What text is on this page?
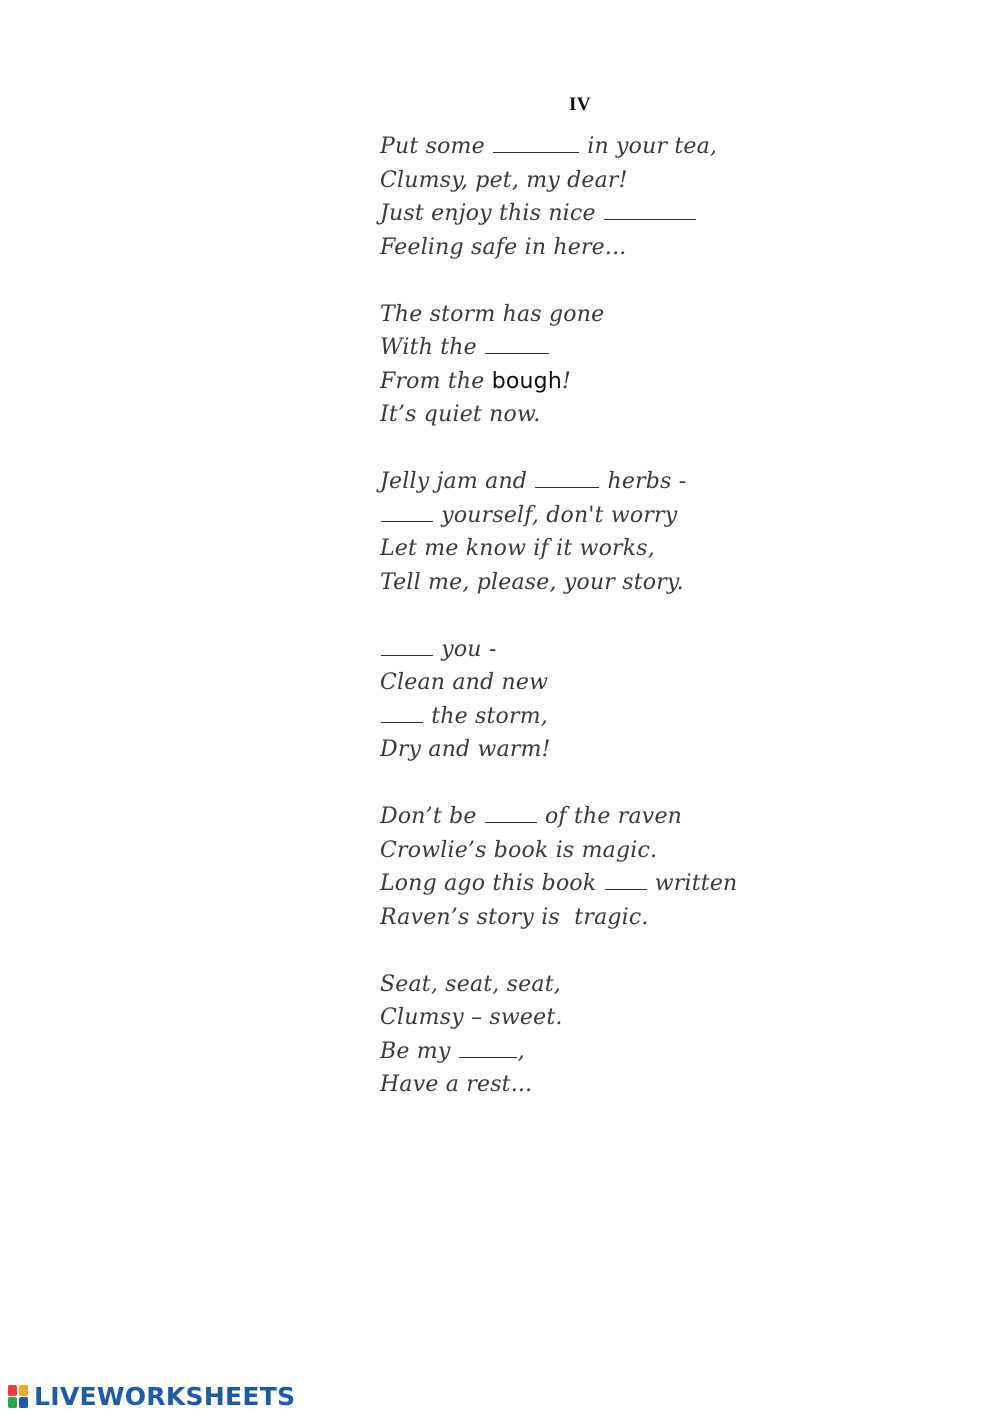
IV
Put some	in your tea,
Clumsy, pet, my dear!
Just enjoy this nice
Feeling safe in here...
The storm has gone
With the
From the bough!
It’s quiet now.
Jelly jam and	herbs -
yourself, don't worry
Let me know if it works,
Tell me, please, your story.
you -
Clean and new
the storm,
Dry and warm!
Don’t be  of the raven
Crowlie’s book is magic.
Long ago this book  written
Raven’s story is  tragic.
Seat, seat, seat,
Clumsy – sweet.
Be my	,
Have a rest...
LIVEWORKSHEETS
